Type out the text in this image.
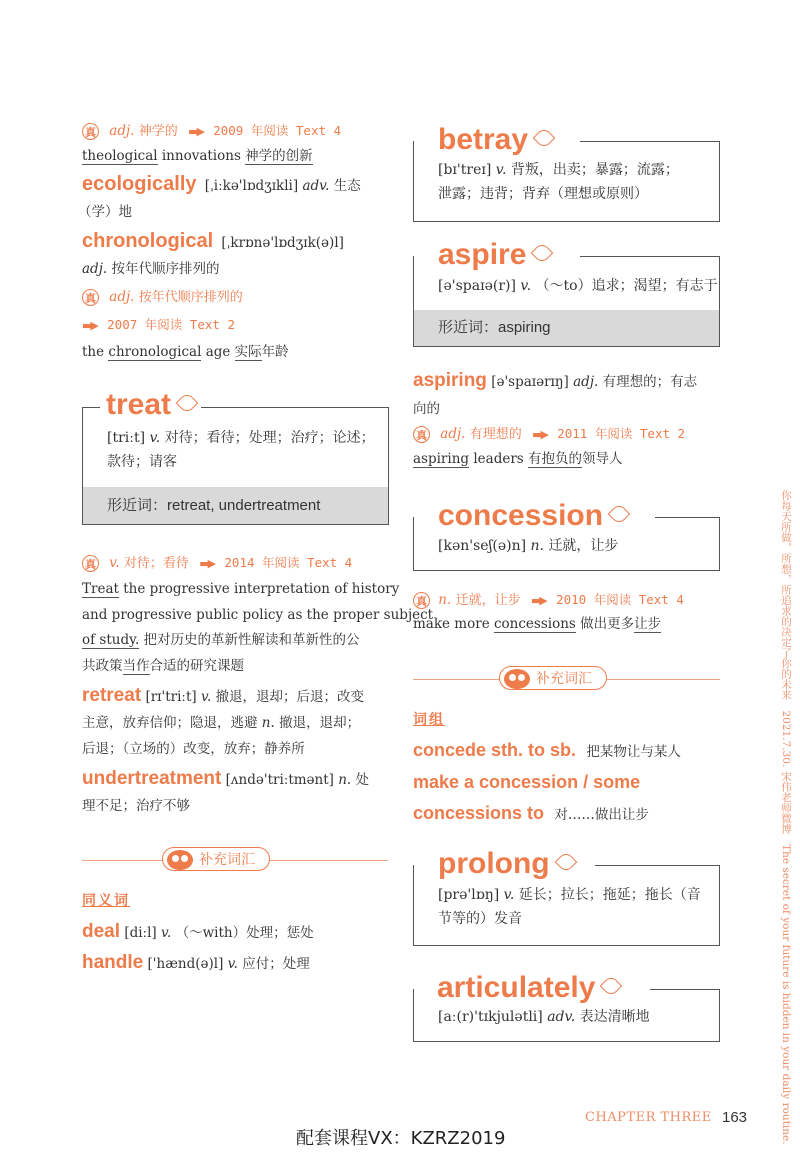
真 adj. 神学的 ▬▶ 2009 年阅读 Text 4
theological innovations 神学的创新
ecologically [ˌiːkə'lɒdʒɪkli] adv. 生态
（学）地
chronological [ˌkrɒnə'lɒdʒɪk(ə)l]
adj. 按年代顺序排列的
真 adj. 按年代顺序排列的
▬▶ 2007 年阅读 Text 2
the chronological age 实际年龄
[triːt] v. 对待；看待；处理；治疗；论述；
款待；请客
形近词：retreat, undertreatment
treat
真 v. 对待；看待 ▬▶ 2014 年阅读 Text 4
Treat the progressive interpretation of history
and progressive public policy as the proper subject
of study. 把对历史的革新性解读和革新性的公
共政策当作合适的研究课题
retreat [rɪ'triːt] v. 撤退，退却；后退；改变
主意，放弃信仰；隐退，逃避 n. 撤退，退却；
后退；（立场的）改变，放弃；静养所
undertreatment [ʌndə'triːtmənt] n. 处
理不足；治疗不够
补充词汇
同义词
deal [diːl] v. （～with）处理；惩处
handle ['hænd(ə)l] v. 应付；处理
[bɪ'treɪ] v. 背叛，出卖；暴露；流露；
泄露；违背；背弃（理想或原则）
betray
[ə'spaɪə(r)] v. （～to）追求；渴望；有志于
形近词：aspiring
aspire
aspiring [ə'spaɪərɪŋ] adj. 有理想的；有志
向的
真 adj. 有理想的 ▬▶ 2011 年阅读 Text 2
aspiring leaders 有抱负的领导人
[kən'seʃ(ə)n] n. 迁就，让步
concession
真 n. 迁就，让步 ▬▶ 2010 年阅读 Text 4
make more concessions 做出更多让步
补充词汇
词组
concede sth. to sb. 把某物让与某人
make a concession / some
concessions to 对……做出让步
[prə'lɒŋ] v. 延长；拉长；拖延；拖长（音
节等的）发音
prolong
[aː(r)'tɪkjulətli] adv. 表达清晰地
articulately	你每天所做，所想，所追求的决定了你的未来　2021.7.30. 宋伟老师微博　The secret of your future is hidden in your daily routine.
CHAPTER THREE 163
配套课程VX：KZRZ2019
